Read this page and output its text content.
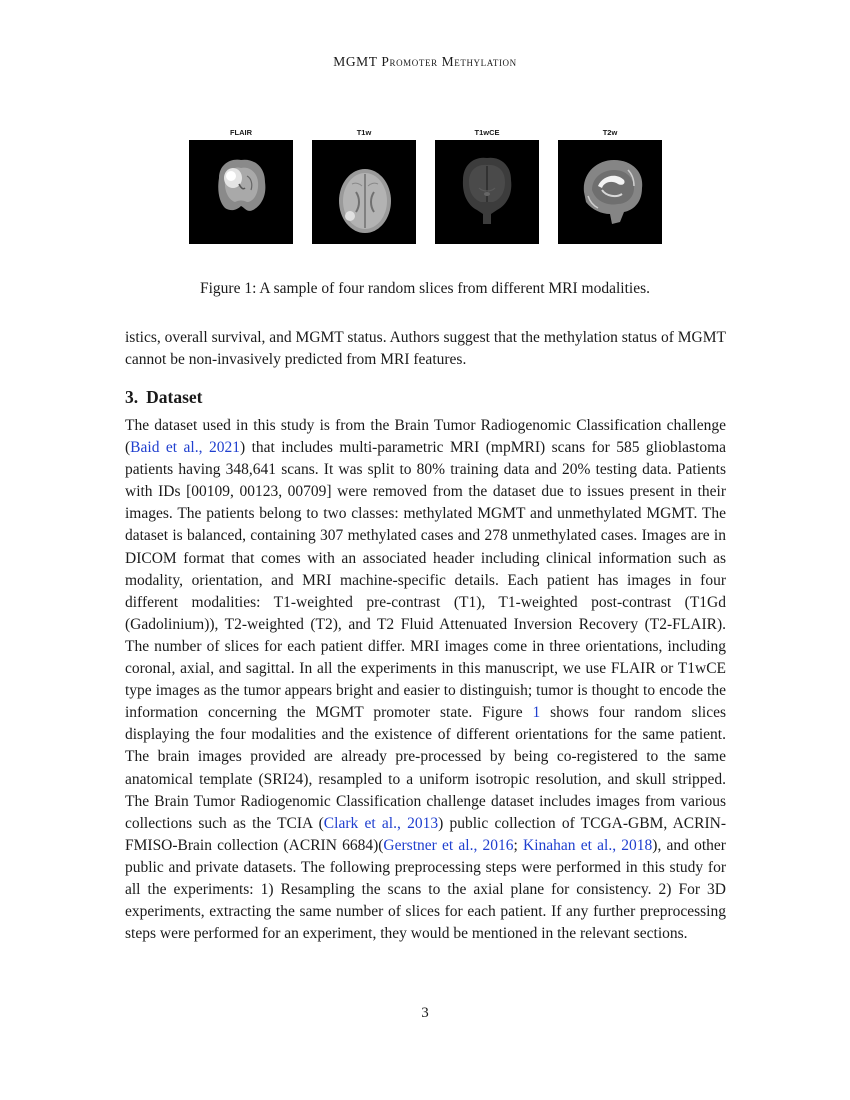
MGMT Promoter Methylation
FLAIR	T1w	T1wCE	T2w
Figure 1: A sample of four random slices from different MRI modalities.

istics, overall survival, and MGMT status. Authors suggest that the methylation status of MGMT cannot be non-invasively predicted from MRI features.

3. Dataset

The dataset used in this study is from the Brain Tumor Radiogenomic Classification challenge (Baid et al., 2021) that includes multi-parametric MRI (mpMRI) scans for 585 glioblastoma patients having 348,641 scans. It was split to 80% training data and 20% testing data. Patients with IDs [00109, 00123, 00709] were removed from the dataset due to issues present in their images. The patients belong to two classes: methylated MGMT and unmethylated MGMT. The dataset is balanced, containing 307 methylated cases and 278 unmethylated cases. Images are in DICOM format that comes with an associated header including clinical information such as modality, orientation, and MRI machine-specific details. Each patient has images in four different modalities: T1-weighted pre-contrast (T1), T1-weighted post-contrast (T1Gd (Gadolinium)), T2-weighted (T2), and T2 Fluid Attenuated Inversion Recovery (T2-FLAIR). The number of slices for each patient differ. MRI images come in three orientations, including coronal, axial, and sagittal. In all the experiments in this manuscript, we use FLAIR or T1wCE type images as the tumor appears bright and easier to distinguish; tumor is thought to encode the information concerning the MGMT promoter state. Figure 1 shows four random slices displaying the four modalities and the existence of different orientations for the same patient. The brain images provided are already pre-processed by being co-registered to the same anatomical template (SRI24), resampled to a uniform isotropic resolution, and skull stripped. The Brain Tumor Radiogenomic Classification challenge dataset includes images from various collections such as the TCIA (Clark et al., 2013) public collection of TCGA-GBM, ACRIN-FMISO-Brain collection (ACRIN 6684)(Gerstner et al., 2016; Kinahan et al., 2018), and other public and private datasets. The following preprocessing steps were performed in this study for all the experiments: 1) Resampling the scans to the axial plane for consistency. 2) For 3D experiments, extracting the same number of slices for each patient. If any further preprocessing steps were performed for an experiment, they would be mentioned in the relevant sections.

3
